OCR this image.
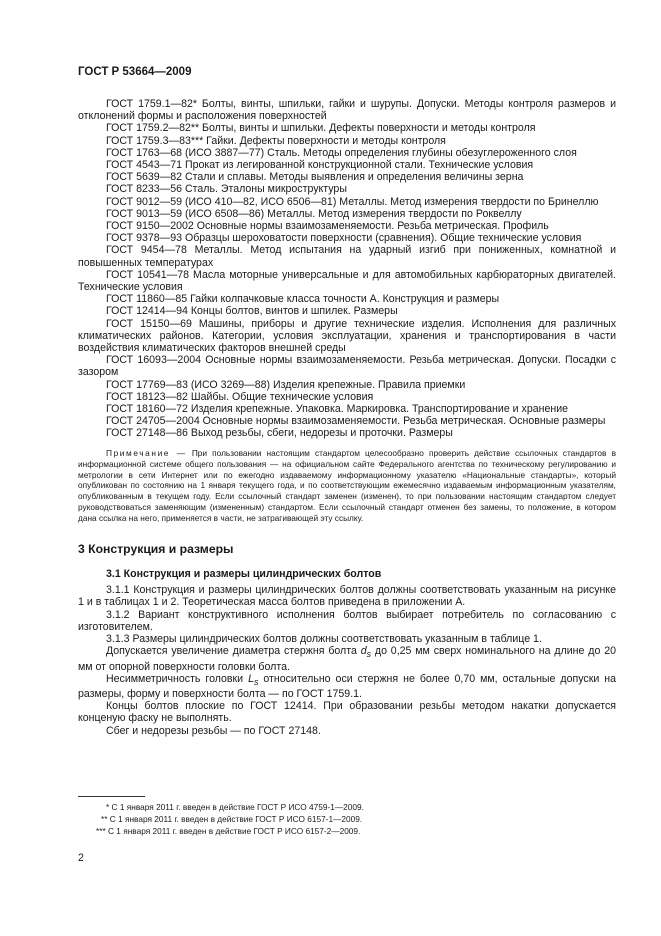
ГОСТ Р 53664—2009

ГОСТ 1759.1—82* Болты, винты, шпильки, гайки и шурупы. Допуски. Методы контроля размеров и отклонений формы и расположения поверхностей

ГОСТ 1759.2—82** Болты, винты и шпильки. Дефекты поверхности и методы контроля

ГОСТ 1759.3—83*** Гайки. Дефекты поверхности и методы контроля

ГОСТ 1763—68 (ИСО 3887—77) Сталь. Методы определения глубины обезуглероженного слоя

ГОСТ 4543—71 Прокат из легированной конструкционной стали. Технические условия

ГОСТ 5639—82 Стали и сплавы. Методы выявления и определения величины зерна

ГОСТ 8233—56 Сталь. Эталоны микроструктуры

ГОСТ 9012—59 (ИСО 410—82, ИСО 6506—81) Металлы. Метод измерения твердости по Бринеллю

ГОСТ 9013—59 (ИСО 6508—86) Металлы. Метод измерения твердости по Роквеллу

ГОСТ 9150—2002 Основные нормы взаимозаменяемости. Резьба метрическая. Профиль

ГОСТ 9378—93 Образцы шероховатости поверхности (сравнения). Общие технические условия

ГОСТ 9454—78 Металлы. Метод испытания на ударный изгиб при пониженных, комнатной и повышенных температурах

ГОСТ 10541—78 Масла моторные универсальные и для автомобильных карбюраторных двигателей. Технические условия

ГОСТ 11860—85 Гайки колпачковые класса точности А. Конструкция и размеры

ГОСТ 12414—94 Концы болтов, винтов и шпилек. Размеры

ГОСТ 15150—69 Машины, приборы и другие технические изделия. Исполнения для различных климатических районов. Категории, условия эксплуатации, хранения и транспортирования в части воздействия климатических факторов внешней среды

ГОСТ 16093—2004 Основные нормы взаимозаменяемости. Резьба метрическая. Допуски. Посадки с зазором

ГОСТ 17769—83 (ИСО 3269—88) Изделия крепежные. Правила приемки

ГОСТ 18123—82 Шайбы. Общие технические условия

ГОСТ 18160—72 Изделия крепежные. Упаковка. Маркировка. Транспортирование и хранение

ГОСТ 24705—2004 Основные нормы взаимозаменяемости. Резьба метрическая. Основные размеры

ГОСТ 27148—86 Выход резьбы, сбеги, недорезы и проточки. Размеры

Примечание — При пользовании настоящим стандартом целесообразно проверить действие ссылочных стандартов в информационной системе общего пользования — на официальном сайте Федерального агентства по техническому регулированию и метрологии в сети Интернет или по ежегодно издаваемому информационному указателю «Национальные стандарты», который опубликован по состоянию на 1 января текущего года, и по соответствующим ежемесячно издаваемым информационным указателям, опубликованным в текущем году. Если ссылочный стандарт заменен (изменен), то при пользовании настоящим стандартом следует руководствоваться заменяющим (измененным) стандартом. Если ссылочный стандарт отменен без замены, то положение, в котором дана ссылка на него, применяется в части, не затрагивающей эту ссылку.

3 Конструкция и размеры

3.1 Конструкция и размеры цилиндрических болтов

3.1.1 Конструкция и размеры цилиндрических болтов должны соответствовать указанным на рисунке 1 и в таблицах 1 и 2. Теоретическая масса болтов приведена в приложении А.

3.1.2 Вариант конструктивного исполнения болтов выбирает потребитель по согласованию с изготовителем.

3.1.3 Размеры цилиндрических болтов должны соответствовать указанным в таблице 1.

Допускается увеличение диаметра стержня болта $d_s$ до 0,25 мм сверх номинального на длине до 20 мм от опорной поверхности головки болта.

Несимметричность головки $L_s$ относительно оси стержня не более 0,70 мм, остальные допуски на размеры, форму и поверхности болта — по ГОСТ 1759.1.

Концы болтов плоские по ГОСТ 12414. При образовании резьбы методом накатки допускается конценую фаску не выполнять.

Сбег и недорезы резьбы — по ГОСТ 27148.

* С 1 января 2011 г. введен в действие ГОСТ Р ИСО 4759-1—2009.

** С 1 января 2011 г. введен в действие ГОСТ Р ИСО 6157-1—2009.

*** С 1 января 2011 г. введен в действие ГОСТ Р ИСО 6157-2—2009.

2
